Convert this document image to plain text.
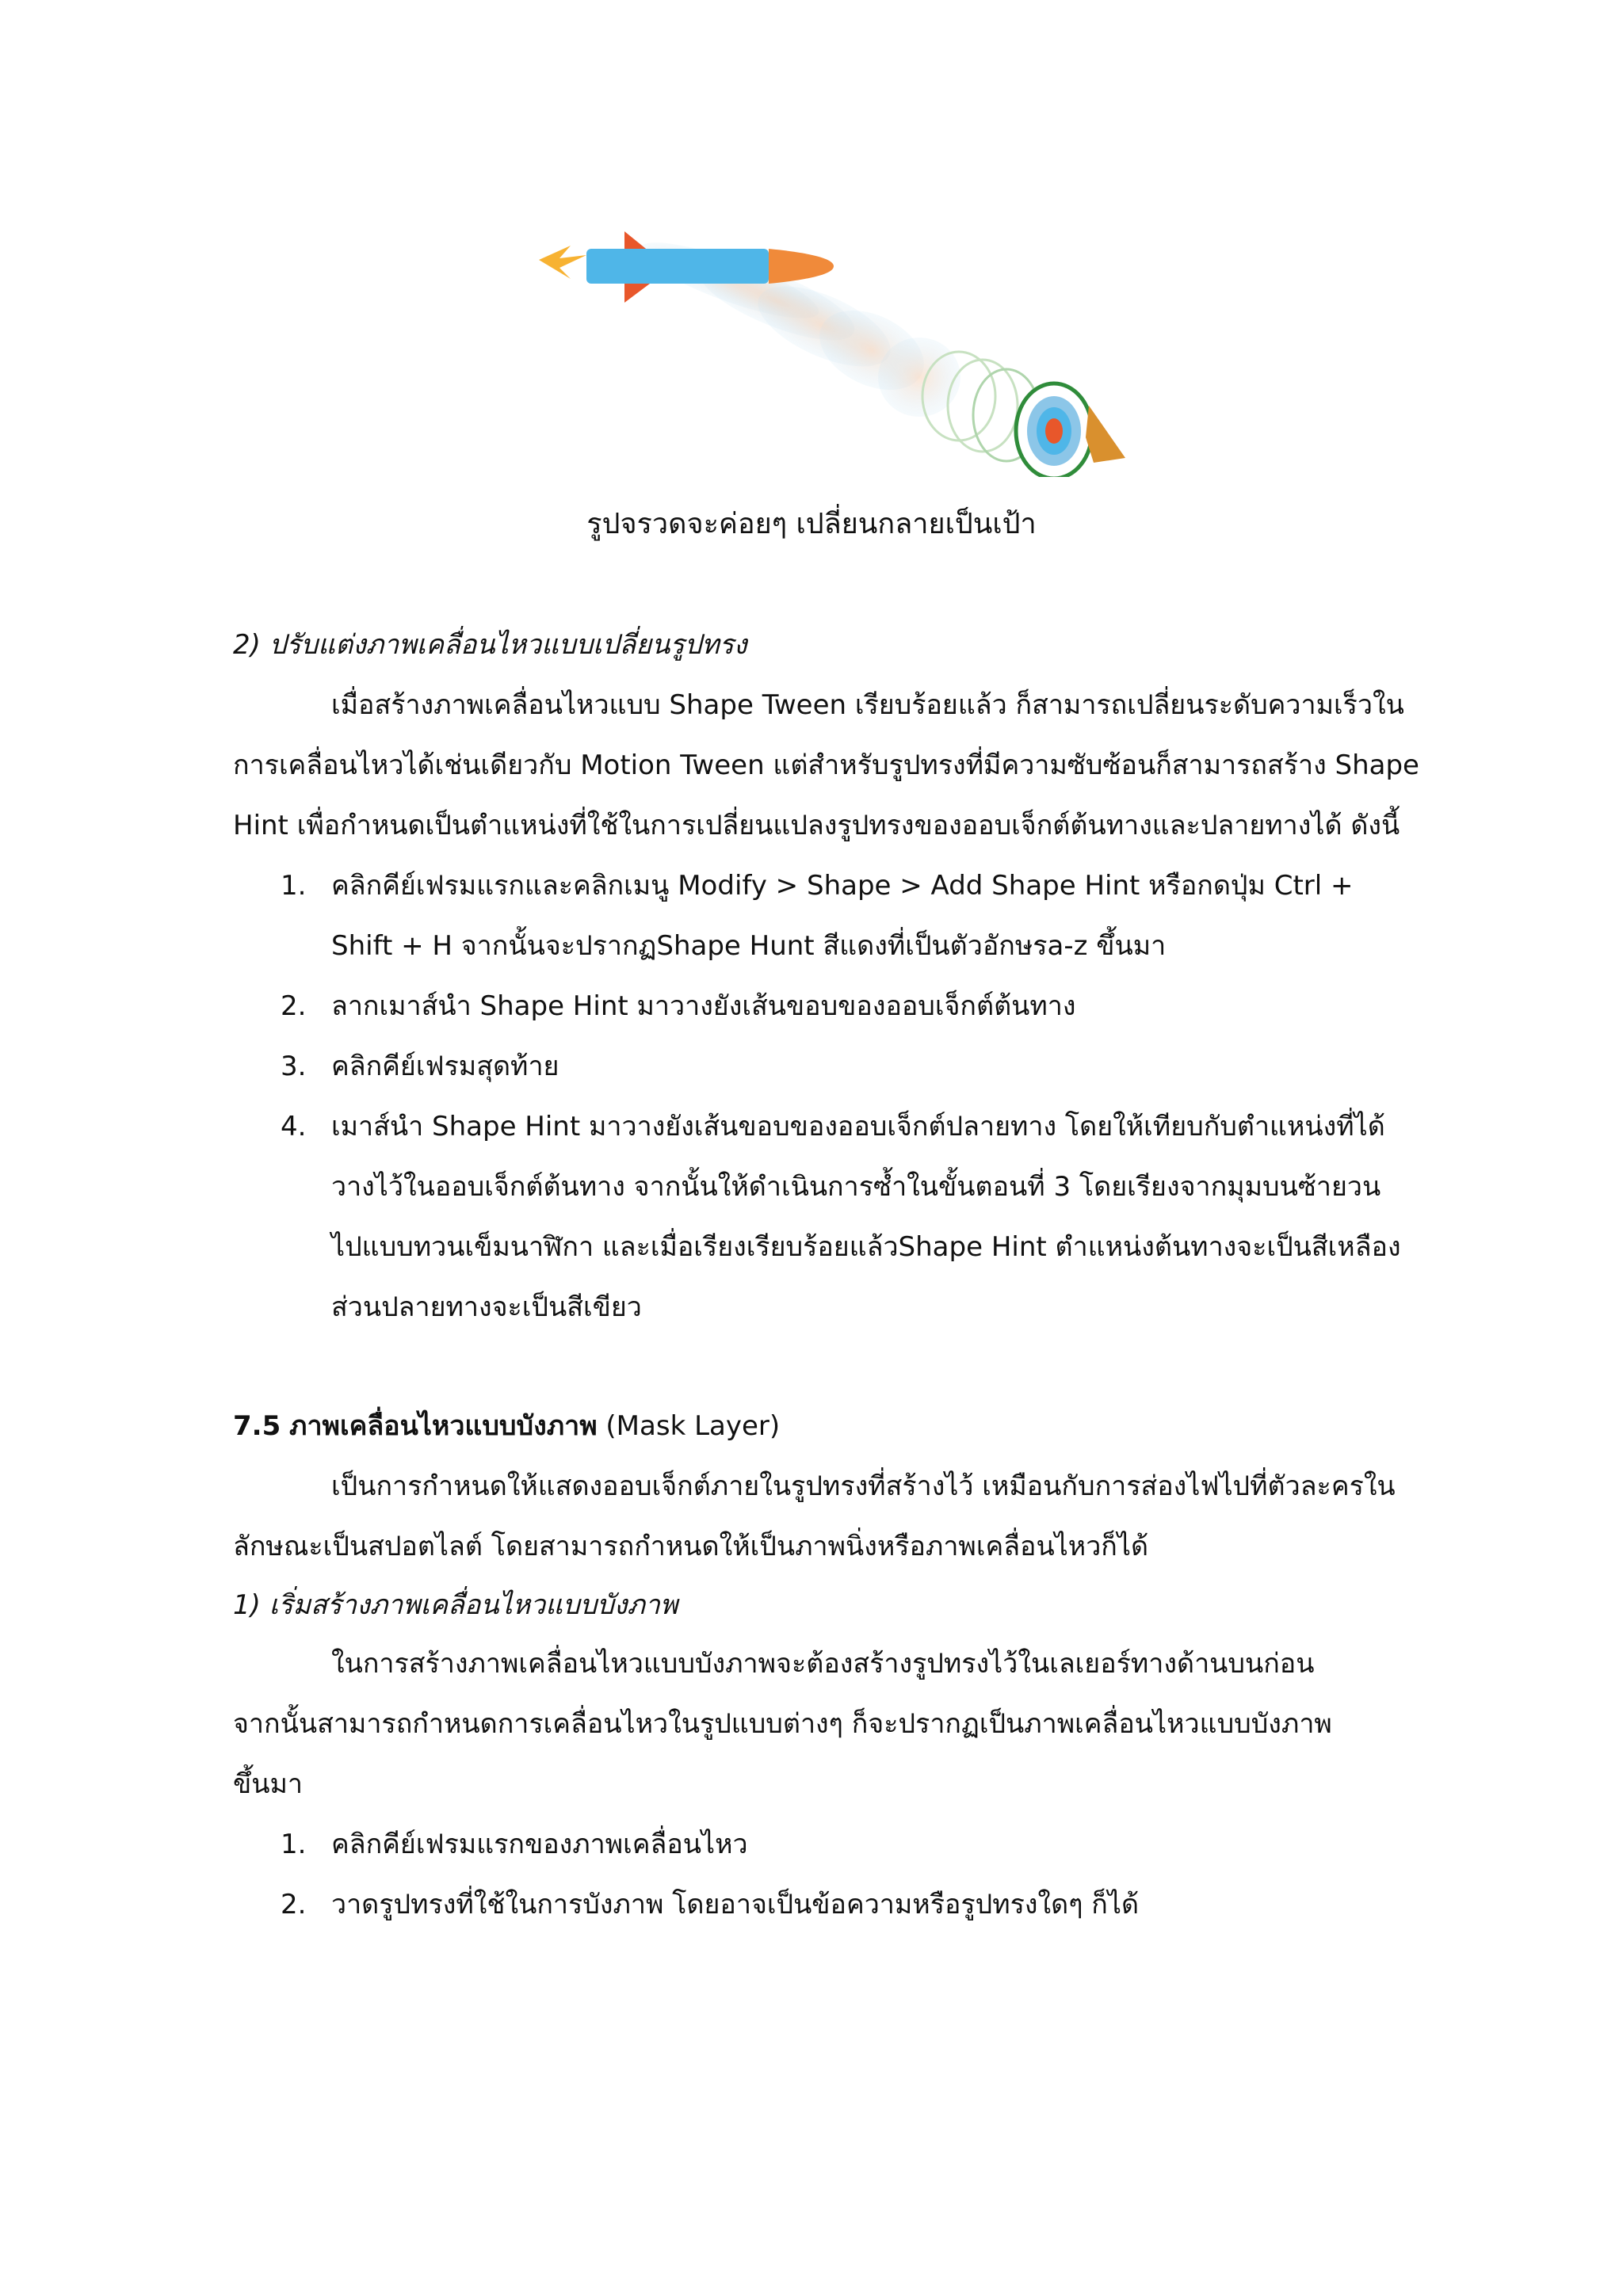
รูปจรวดจะค่อยๆ เปลี่ยนกลายเป็นเป้า
2) ปรับแต่งภาพเคลื่อนไหวแบบเปลี่ยนรูปทรง
เมื่อสร้างภาพเคลื่อนไหวแบบ Shape Tween เรียบร้อยแล้ว ก็สามารถเปลี่ยนระดับความเร็วใน
การเคลื่อนไหวได้เช่นเดียวกับ Motion Tween แต่สำหรับรูปทรงที่มีความซับซ้อนก็สามารถสร้าง Shape
Hint เพื่อกำหนดเป็นตำแหน่งที่ใช้ในการเปลี่ยนแปลงรูปทรงของออบเจ็กต์ต้นทางและปลายทางได้ ดังนี้
1. คลิกคีย์เฟรมแรกและคลิกเมนู Modify > Shape > Add Shape Hint หรือกดปุ่ม Ctrl +
Shift + H จากนั้นจะปรากฏShape Hunt สีแดงที่เป็นตัวอักษรa-z ขึ้นมา
2. ลากเมาส์นำ Shape Hint มาวางยังเส้นขอบของออบเจ็กต์ต้นทาง
3. คลิกคีย์เฟรมสุดท้าย
4. เมาส์นำ Shape Hint มาวางยังเส้นขอบของออบเจ็กต์ปลายทาง โดยให้เทียบกับตำแหน่งที่ได้
วางไว้ในออบเจ็กต์ต้นทาง จากนั้นให้ดำเนินการซ้ำในขั้นตอนที่ 3 โดยเรียงจากมุมบนซ้ายวน
ไปแบบทวนเข็มนาฬิกา และเมื่อเรียงเรียบร้อยแล้วShape Hint ตำแหน่งต้นทางจะเป็นสีเหลือง
ส่วนปลายทางจะเป็นสีเขียว
7.5 ภาพเคลื่อนไหวแบบบังภาพ (Mask Layer)
เป็นการกำหนดให้แสดงออบเจ็กต์ภายในรูปทรงที่สร้างไว้ เหมือนกับการส่องไฟไปที่ตัวละครใน
ลักษณะเป็นสปอตไลต์ โดยสามารถกำหนดให้เป็นภาพนิ่งหรือภาพเคลื่อนไหวก็ได้
1) เริ่มสร้างภาพเคลื่อนไหวแบบบังภาพ
ในการสร้างภาพเคลื่อนไหวแบบบังภาพจะต้องสร้างรูปทรงไว้ในเลเยอร์ทางด้านบนก่อน
จากนั้นสามารถกำหนดการเคลื่อนไหวในรูปแบบต่างๆ ก็จะปรากฏเป็นภาพเคลื่อนไหวแบบบังภาพ
ขึ้นมา
1. คลิกคีย์เฟรมแรกของภาพเคลื่อนไหว
2. วาดรูปทรงที่ใช้ในการบังภาพ โดยอาจเป็นข้อความหรือรูปทรงใดๆ ก็ได้
